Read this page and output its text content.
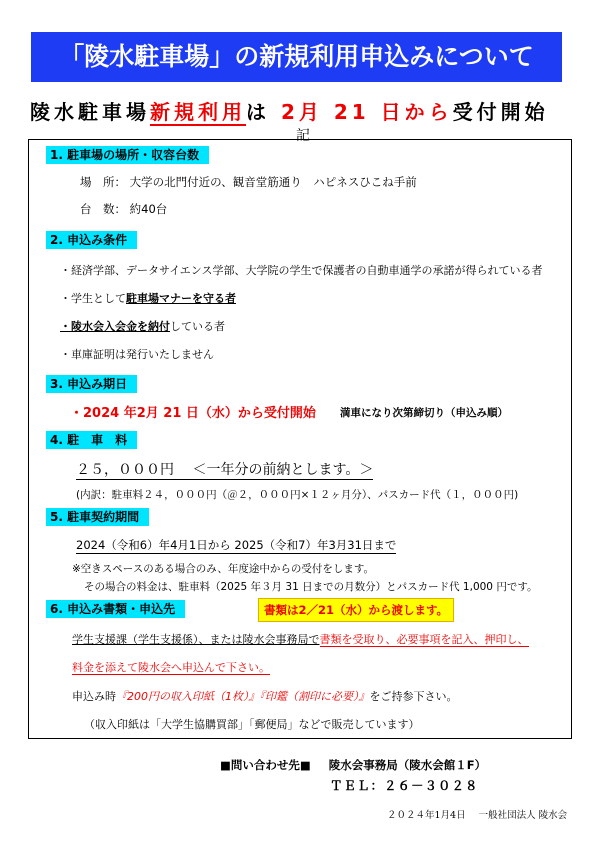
「陵水駐車場」の新規利用申込みについて
陵水駐車場新規利用は 2月 21 日から受付開始
記
1. 駐車場の場所・収容台数
場　所： 大学の北門付近の、観音堂筋通り　ハピネスひこね手前
台　数： 約40台
2. 申込み条件
・経済学部、データサイエンス学部、大学院の学生で保護者の自動車通学の承諾が得られている者
・学生として駐車場マナーを守る者
・陵水会入会金を納付している者
・車庫証明は発行いたしません
3. 申込み期日
・2024 年2月 21 日（水）から受付開始 満車になり次第締切り（申込み順）
4. 駐　車　料
２５，０００円 ＜一年分の前納とします。＞
(内訳：駐車料２４，０００円（＠２，０００円×１２ヶ月分）、パスカード代（１，０００円)
5. 駐車契約期間
2024（令和6）年4月1日から 2025（令和7）年3月31日まで
※空きスペースのある場合のみ、年度途中からの受付をします。
その場合の料金は、駐車料（2025 年３月 31 日までの月数分）とパスカード代 1,000 円です。
6. 申込み書類・申込先	書類は2／21（水）から渡します。
学生支援課（学生支援係）、または陵水会事務局で書類を受取り、必要事項を記入、押印し、
料金を添えて陵水会へ申込んで下さい。
申込み時『200円の収入印紙（1枚）』『印鑑（割印に必要）』をご持参下さい。
（収入印紙は「大学生協購買部」「郵便局」などで販売しています）
■問い合わせ先■ 陵水会事務局（陵水会館１F）
ＴＥＬ：２６－３０２８
２０２４年1月4日 一般社団法人 陵水会
